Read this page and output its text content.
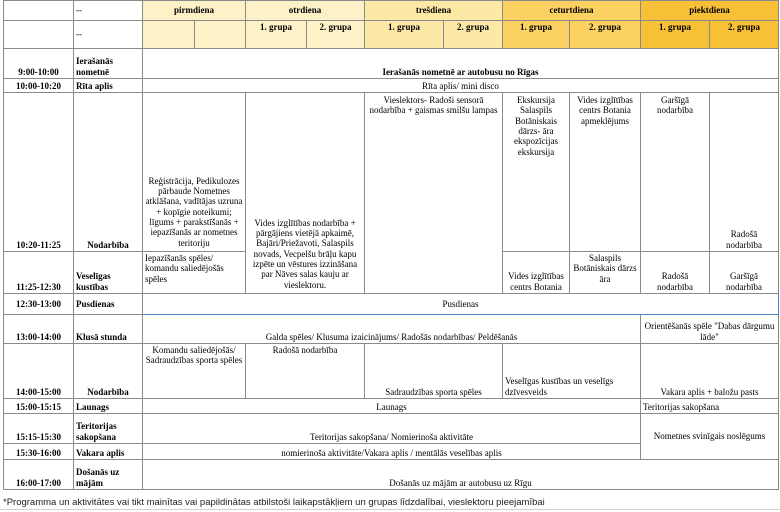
	--	pirmdiena		otrdiena		trešdiena		ceturtdiena		piektdiena	
	--			1. grupa	2. grupa	1. grupa	2. grupa	1. grupa	2. grupa	1. grupa	2. grupa
9:00-10:00	Ierašanās nometnē	Ierašanās nometnē ar autobusu no Rīgas									
10:00-10:20	Rīta aplis	Rīta aplis/ mini disco									
10:20-11:25	Nodarbība	Reģistrācija, Pedikulozes pārbaude Nometnes atklāšana, vadītājas uzruna + kopīgie noteikumi; līgums + parakstīšanās + iepazīšanās ar nometnes teritoriju		Vides izglītības nodarbība + pārgājiens vietējā apkaimē, Bajāri/Priežavoti, Salaspils novads, Vecpelšu brāļu kapu izpēte un vēstures izzināšana par Nāves salas kauju ar vieslektoru.		Vieslektors- Radoši sensorā nodarbība + gaismas smilšu lampas		Ekskursija Salaspils Botāniskais dārzs- āra ekspozīcijas ekskursija	Vides izglītības centrs Botania apmeklējums	Garšīgā nodarbība	Radošā nodarbība
11:25-12:30	Veselīgas kustības	Iepazīšanās spēles/ komandu saliedējošās spēles						Vides izglītības centrs Botania	Salaspils Botāniskais dārzs āra	Radošā nodarbība	Garšīgā nodarbība
12:30-13:00	Pusdienas	Pusdienas									
13:00-14:00	Klusā stunda	Galda spēles/ Klusuma izaicinājums/ Radošās nodarbības/ Peldēšanās								Orientēšanās spēle "Dabas dārgumu lāde"	
14:00-15:00	Nodarbība	Komandu saliedējošās/ Sadraudzības sporta spēles		Radošā nodarbība		Sadraudzības sporta spēles		Veselīgas kustības un veselīgs dzīvesveids		Vakara aplis + baložu pasts	
15:00-15:15	Launags	Launags								Teritorijas sakopšana	
15:15-15:30	Teritorijas sakopšana	Teritorijas sakopšana/ Nomierinoša aktivitāte								Nometnes svinīgais noslēgums	
15:30-16:00	Vakara aplis	nomierinoša aktivitāte/Vakara aplis / mentālās veselības aplis									
16:00-17:00	Došanās uz mājām	Došanās uz mājām ar autobusu uz Rīgu									
*Programma un aktivitātes vai tikt mainītas vai papildinātas atbilstoši laikapstākļiem un grupas līdzdalībai, vieslektoru pieejamībai
